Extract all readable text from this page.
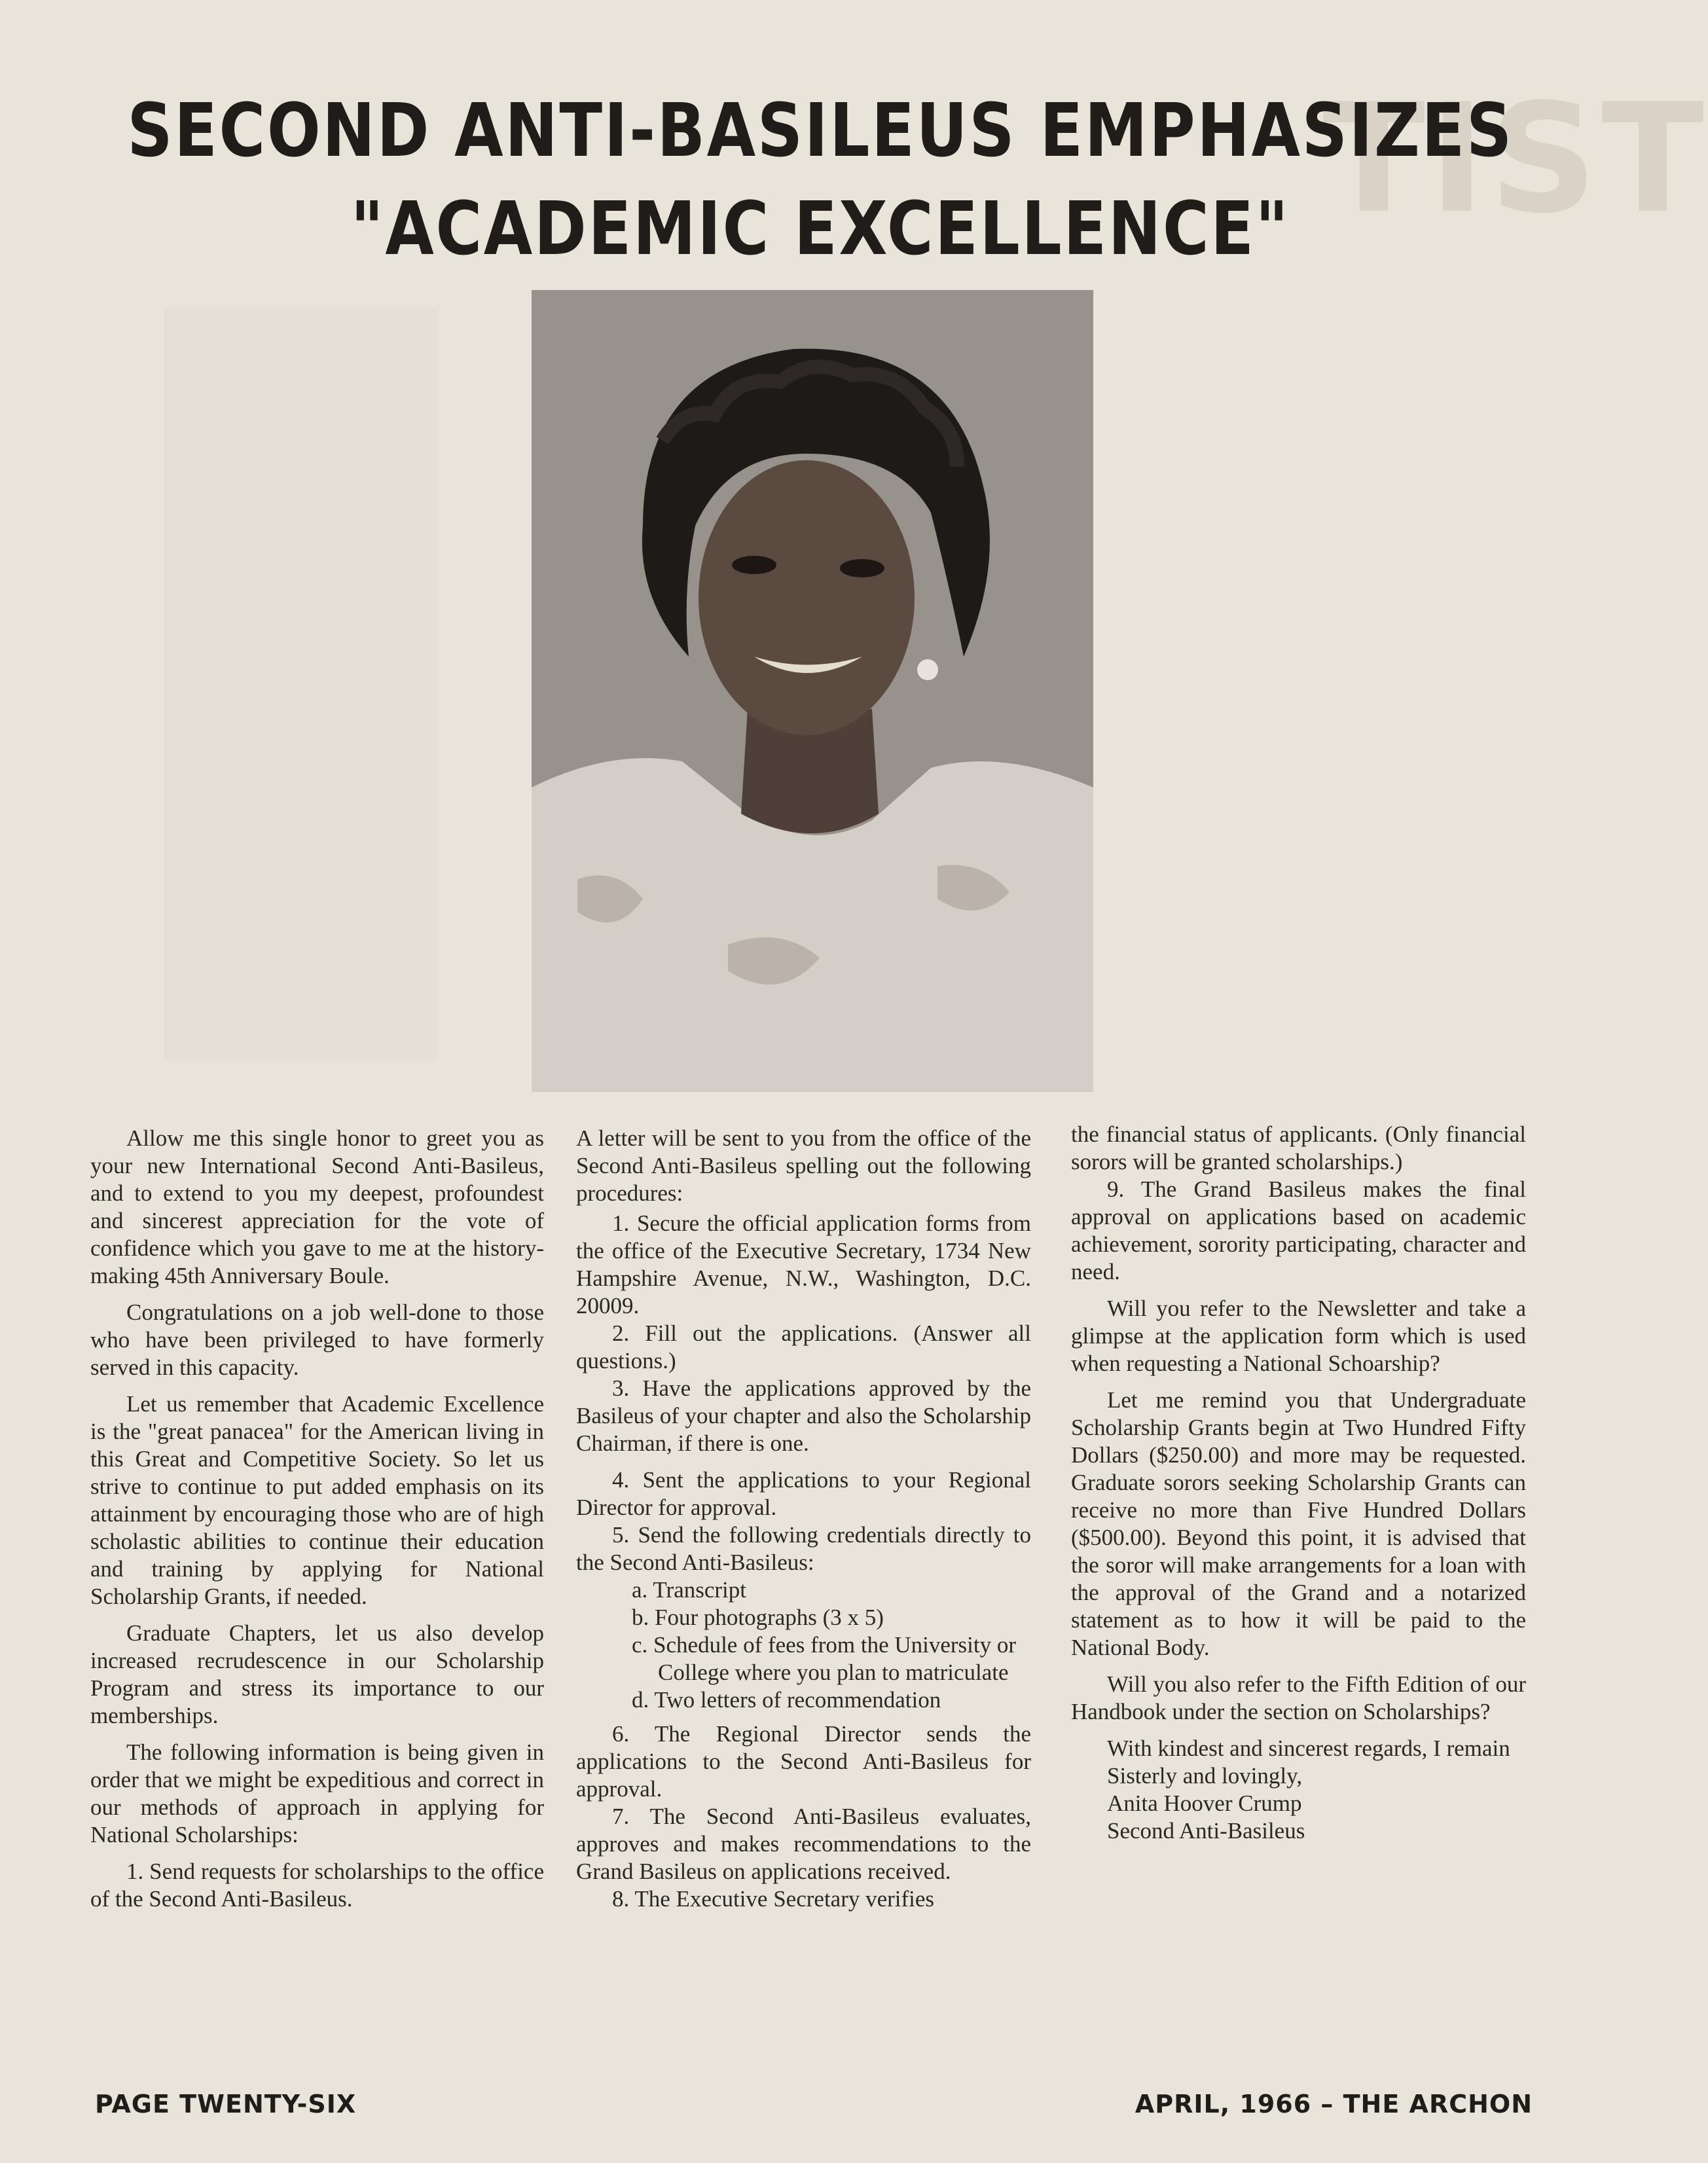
TIST
SECOND ANTI-BASILEUS EMPHASIZES
"ACADEMIC EXCELLENCE"

Allow me this single honor to greet you as your new International Second Anti-Basileus, and to extend to you my deepest, profoundest and sincerest appreciation for the vote of confidence which you gave to me at the history-making 45th Anniversary Boule.

Congratulations on a job well-done to those who have been privileged to have formerly served in this capacity.

Let us remember that Academic Excellence is the "great panacea" for the American living in this Great and Competitive Society. So let us strive to continue to put added emphasis on its attainment by encouraging those who are of high scholastic abilities to continue their education and training by applying for National Scholarship Grants, if needed.

Graduate Chapters, let us also develop increased recrudescence in our Scholarship Program and stress its importance to our memberships.

The following information is being given in order that we might be expeditious and correct in our methods of approach in applying for National Scholarships:

1. Send requests for scholarships to the office of the Second Anti-Basileus.

A letter will be sent to you from the office of the Second Anti-Basileus spelling out the following procedures:

1. Secure the official application forms from the office of the Executive Secretary, 1734 New Hampshire Avenue, N.W., Washington, D.C. 20009.

2. Fill out the applications. (Answer all questions.)

3. Have the applications approved by the Basileus of your chapter and also the Scholarship Chairman, if there is one.

4. Sent the applications to your Regional Director for approval.

5. Send the following credentials directly to the Second Anti-Basileus:

a. Transcript

b. Four photographs (3 x 5)

c. Schedule of fees from the University or College where you plan to matriculate

d. Two letters of recommendation

6. The Regional Director sends the applications to the Second Anti-Basileus for approval.

7. The Second Anti-Basileus evaluates, approves and makes recommendations to the Grand Basileus on applications received.

8. The Executive Secretary verifies

the financial status of applicants. (Only financial sorors will be granted scholarships.)

9. The Grand Basileus makes the final approval on applications based on academic achievement, sorority participating, character and need.

Will you refer to the Newsletter and take a glimpse at the application form which is used when requesting a National Schoarship?

Let me remind you that Undergraduate Scholarship Grants begin at Two Hundred Fifty Dollars ($250.00) and more may be requested. Graduate sorors seeking Scholarship Grants can receive no more than Five Hundred Dollars ($500.00). Beyond this point, it is advised that the soror will make arrangements for a loan with the approval of the Grand and a notarized statement as to how it will be paid to the National Body.

Will you also refer to the Fifth Edition of our Handbook under the section on Scholarships?

With kindest and sincerest regards, I remain

Sisterly and lovingly,
Anita Hoover Crump
Second Anti-Basileus
PAGE TWENTY-SIX	APRIL, 1966 – THE ARCHON
